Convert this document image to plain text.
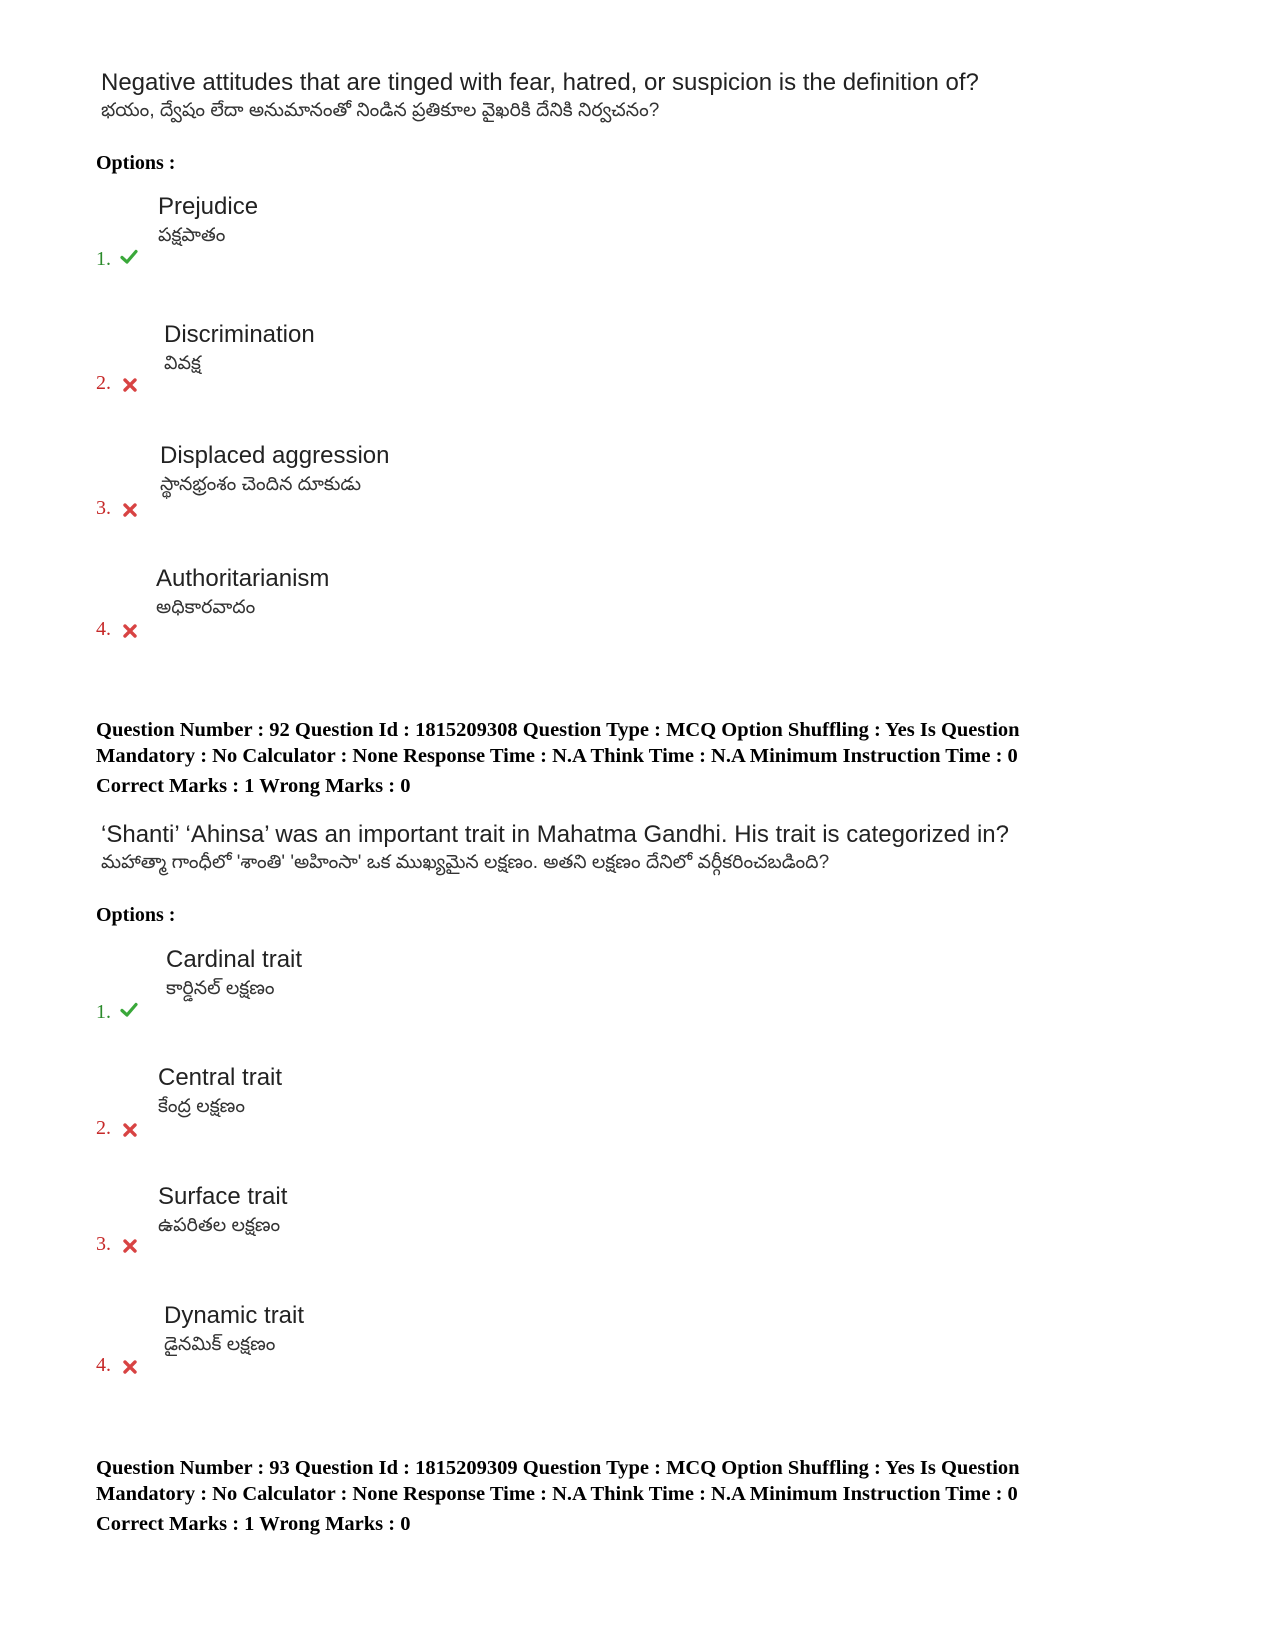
Negative attitudes that are tinged with fear, hatred, or suspicion is the definition of?
భయం, ద్వేషం లేదా అనుమానంతో నిండిన ప్రతికూల వైఖరికి దేనికి నిర్వచనం?
Options :
Prejudice
పక్షపాతం
1.
Discrimination
వివక్ష
2.
Displaced aggression
స్థానభ్రంశం చెందిన దూకుడు
3.
Authoritarianism
అధికారవాదం
4.
Question Number : 92 Question Id : 1815209308 Question Type : MCQ Option Shuffling : Yes Is Question
Mandatory : No Calculator : None Response Time : N.A Think Time : N.A Minimum Instruction Time : 0
Correct Marks : 1 Wrong Marks : 0
‘Shanti’ ‘Ahinsa’ was an important trait in Mahatma Gandhi. His trait is categorized in?
మహాత్మా గాంధీలో 'శాంతి' 'అహింసా' ఒక ముఖ్యమైన లక్షణం. అతని లక్షణం దేనిలో వర్గీకరించబడింది?
Options :
Cardinal trait
కార్డినల్ లక్షణం
1.
Central trait
కేంద్ర లక్షణం
2.
Surface trait
ఉపరితల లక్షణం
3.
Dynamic trait
డైనమిక్ లక్షణం
4.
Question Number : 93 Question Id : 1815209309 Question Type : MCQ Option Shuffling : Yes Is Question
Mandatory : No Calculator : None Response Time : N.A Think Time : N.A Minimum Instruction Time : 0
Correct Marks : 1 Wrong Marks : 0
